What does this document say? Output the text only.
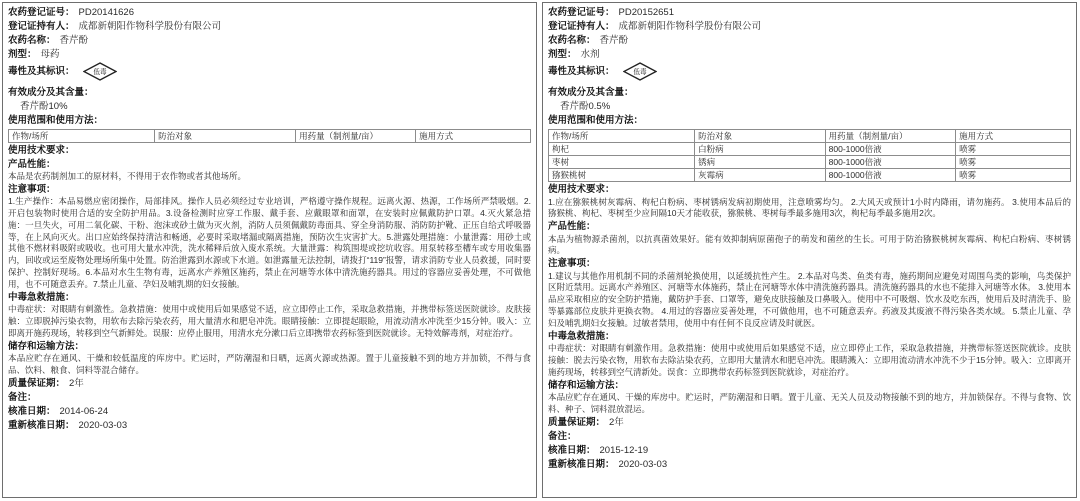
农药登记证号： PD20141626
登记证持有人： 成都新朝阳作物科学股份有限公司
农药名称： 香芹酚
剂型： 母药
毒性及其标识：	低毒
有效成分及其含量：
香芹酚10%
使用范围和使用方法：
作物/场所	防治对象	用药量（制剂量/亩）	施用方式
使用技术要求：
产品性能：
本品是农药制剂加工的原材料，不得用于农作物或者其他场所。
注意事项：
1.生产操作：本品易燃应密闭操作，局部排风。操作人员必须经过专业培训，严格遵守操作规程。远离火源、热源，工作场所严禁吸烟。2.开启包装物时使用合适的安全防护用品。3.设备检测时应穿工作服、戴手套、应戴眼罩和面罩，在安装时应佩戴防护口罩。4.灭火紧急措施：一旦失火，可用二氧化碳、干粉、泡沫或砂土做为灭火剂，消防人员须佩戴防毒面具、穿全身消防服、消防防护靴、正压自给式呼吸器等，在上风向灭火。出口应始终保持清洁和畅通，必要时采取堵漏或隔离措施，预防次生灾害扩大。5.泄露处理措施：小量泄露：用砂土或其他不燃材料吸附或吸收。也可用大量水冲洗，洗水稀释后放入废水系统。大量泄露：构筑围堤或挖坑收容。用泵转移至槽车或专用收集器内，回收或运至废物处理场所集中处置。防治泄露到水源或下水道。如泄露量无法控制，请拨打“119”报警，请求消防专业人员救援，同时要保护、控制好现场。6.本品对水生生物有毒，远离水产养殖区施药，禁止在河塘等水体中清洗施药器具。用过的容器应妥善处理，不可做他用，也不可随意丢弃。7.禁止儿童、孕妇及哺乳期的妇女接触。
中毒急救措施：
中毒症状：对眼睛有刺激性。急救措施：使用中或使用后如果感觉不适，应立即停止工作，采取急救措施，并携带标签送医院就诊。皮肤接触：立即脱掉污染衣物，用软布去除污染农药，用大量清水和肥皂冲洗。眼睛接触：立即提起眼睑，用流动清水冲洗至少15分钟。吸入：立即离开施药现场，转移到空气新鲜处。误服：应停止服用，用清水充分漱口后立即携带农药标签到医院就诊。无特效解毒剂，对症治疗。
储存和运输方法：
本品应贮存在通风、干燥和较低温度的库房中。贮运时，严防潮湿和日晒，远离火源或热源。置于儿童接触不到的地方并加锁，不得与食品、饮料、粮食、饲料等混合储存。
质量保证期： 2年
备注：
核准日期： 2014-06-24
重新核准日期： 2020-03-03
农药登记证号： PD20152651
登记证持有人： 成都新朝阳作物科学股份有限公司
农药名称： 香芹酚
剂型： 水剂
毒性及其标识：	低毒
有效成分及其含量：
香芹酚0.5%
使用范围和使用方法：
作物/场所	防治对象	用药量（制剂量/亩）	施用方式
枸杞	白粉病	800-1000倍液	喷雾
枣树	锈病	800-1000倍液	喷雾
猕猴桃树	灰霉病	800-1000倍液	喷雾
使用技术要求：
1.应在猕猴桃树灰霉病、枸杞白粉病、枣树锈病发病初期使用，注意喷雾均匀。 2.大风天或预计1小时内降雨，请勿施药。 3.使用本品后的猕猴桃、枸杞、枣树至少应间隔10天才能收获，猕猴桃、枣树每季最多施用3次，枸杞每季最多施用2次。
产品性能：
本品为植物源杀菌剂，以抗真菌效果好。能有效抑制病原菌孢子的萌发和菌丝的生长。可用于防治猕猴桃树灰霉病、枸杞白粉病、枣树锈病。
注意事项：
1.建议与其他作用机制不同的杀菌剂轮换使用，以延缓抗性产生。 2.本品对鸟类、鱼类有毒，施药期间应避免对周围鸟类的影响，鸟类保护区附近禁用。远离水产养殖区、河塘等水体施药，禁止在河塘等水体中清洗施药器具。清洗施药器具的水也不能排入河塘等水体。 3.使用本品应采取相应的安全防护措施，戴防护手套、口罩等，避免皮肤接触及口鼻吸入。使用中不可吸烟、饮水及吃东西，使用后及时清洗手、脸等暴露部位皮肤并更换衣物。 4.用过的容器应妥善处理，不可做他用，也不可随意丢弃。药液及其废液不得污染各类水域。 5.禁止儿童、孕妇及哺乳期妇女接触。过敏者禁用，使用中有任何不良反应请及时就医。
中毒急救措施：
中毒症状：对眼睛有刺激作用。急救措施：使用中或使用后如果感觉不适，应立即停止工作，采取急救措施，并携带标签送医院就诊。皮肤接触：脱去污染衣物，用软布去除沾染农药，立即用大量清水和肥皂冲洗。眼睛溅入：立即用流动清水冲洗不少于15分钟。吸入：立即离开施药现场，转移到空气清新处。误食：立即携带农药标签到医院就诊，对症治疗。
储存和运输方法：
本品应贮存在通风、干燥的库房中。贮运时，严防潮湿和日晒。置于儿童、无关人员及动物接触不到的地方，并加锁保存。不得与食物、饮料、种子、饲料混放混运。
质量保证期： 2年
备注：
核准日期： 2015-12-19
重新核准日期： 2020-03-03
